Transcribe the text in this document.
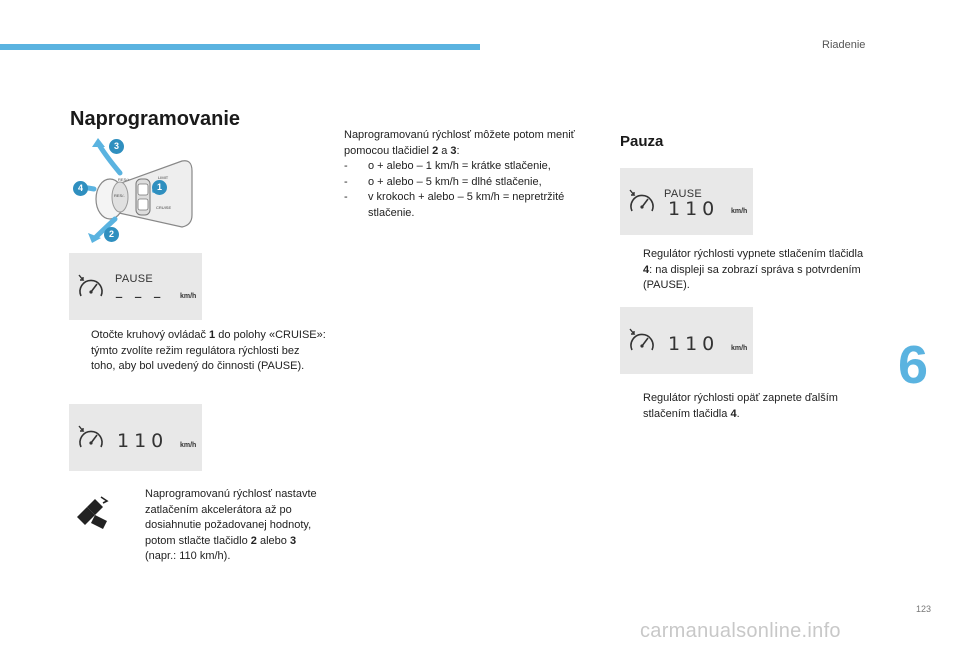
Riadenie
6
123
Naprogramovanie
3
4	1
2
RES/+	LIMIT
RES/-
CRUISE
PAUSE
– – – km/h
Otočte kruhový ovládač 1 do polohy «CRUISE»: týmto zvolíte režim regulátora rýchlosti bez toho, aby bol uvedený do činnosti (PAUSE).
110 km/h
Naprogramovanú rýchlosť nastavte zatlačením akcelerátora až po dosiahnutie požadovanej hodnoty, potom stlačte tlačidlo 2 alebo 3 (napr.: 110 km/h).
Naprogramovanú rýchlosť môžete potom meniť pomocou tlačidiel 2 a 3:
- o + alebo – 1 km/h = krátke stlačenie,
- o + alebo – 5 km/h = dlhé stlačenie,
- v krokoch + alebo – 5 km/h = nepretržité stlačenie.
Pauza
PAUSE
110 km/h
Regulátor rýchlosti vypnete stlačením tlačidla 4: na displeji sa zobrazí správa s potvrdením (PAUSE).
110 km/h
Regulátor rýchlosti opäť zapnete ďalším stlačením tlačidla 4.
carmanualsonline.info
